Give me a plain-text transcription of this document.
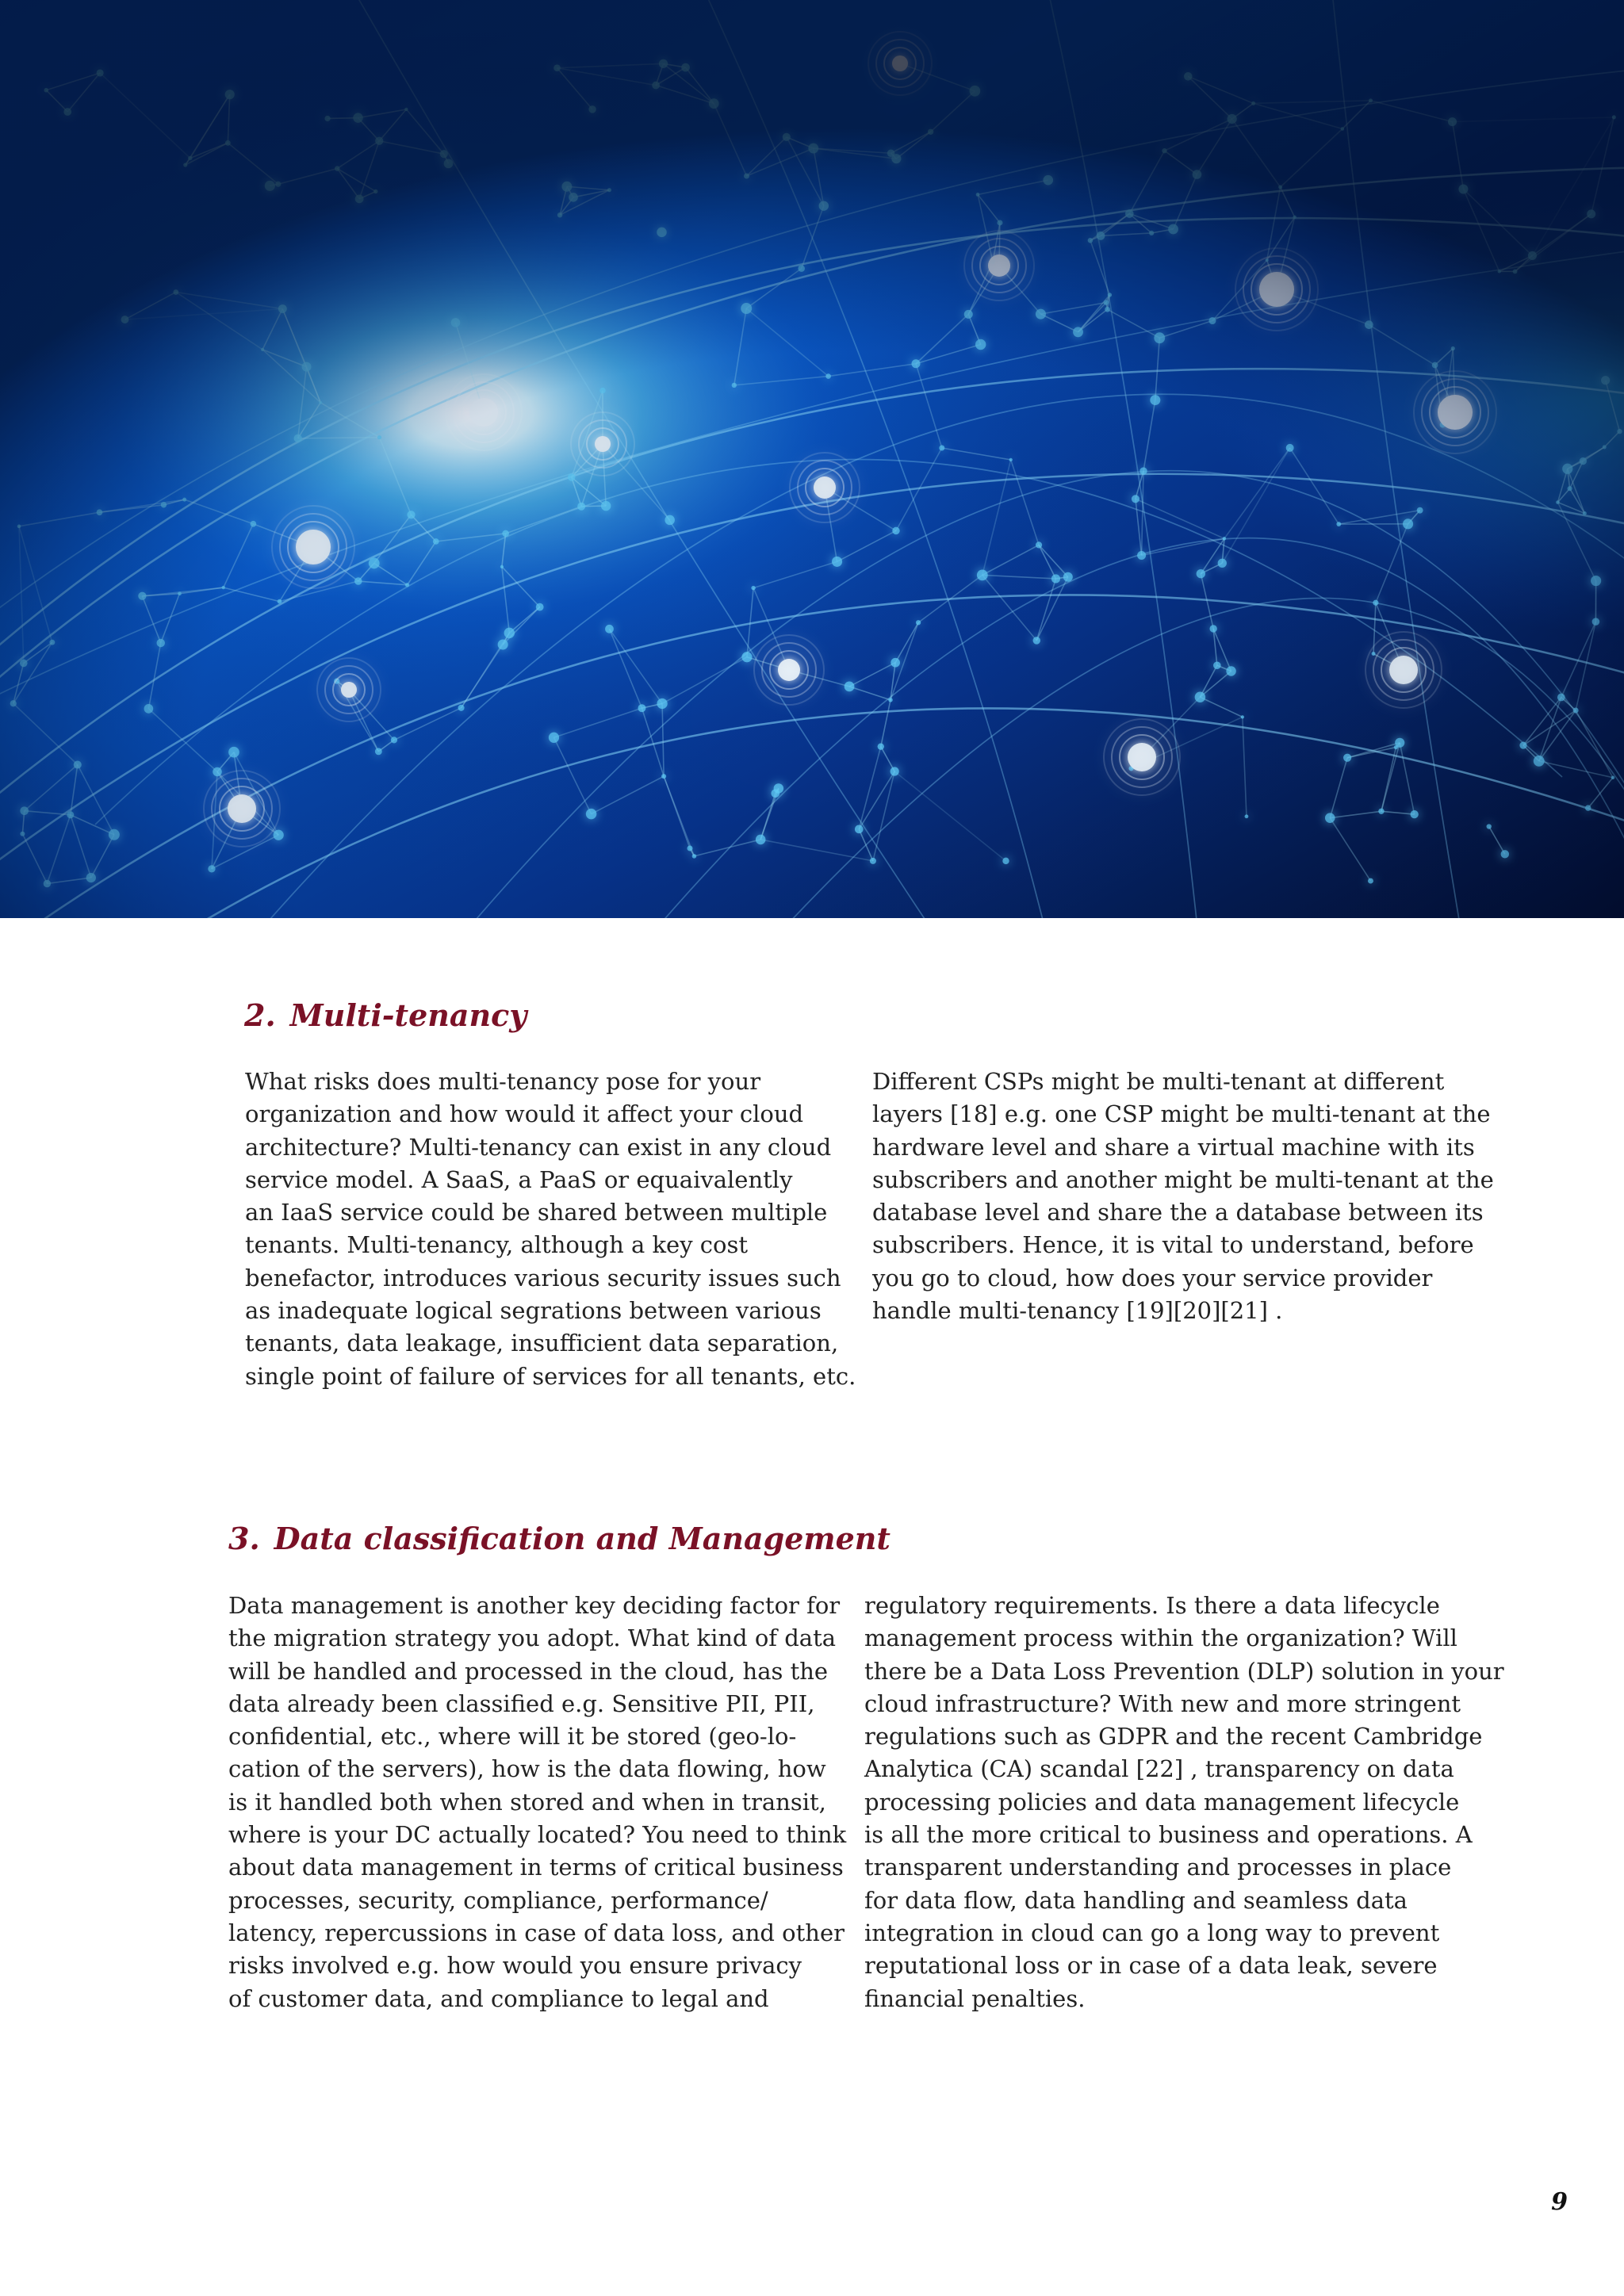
2. Multi-tenancy

What risks does multi-tenancy pose for your
organization and how would it affect your cloud
architecture? Multi-tenancy can exist in any cloud
service model. A SaaS, a PaaS or equaivalently
an IaaS service could be shared between multiple
tenants. Multi-tenancy, although a key cost
benefactor, introduces various security issues such
as inadequate logical segrations between various
tenants, data leakage, insufficient data separation,
single point of failure of services for all tenants, etc.

Different CSPs might be multi-tenant at different
layers [18] e.g. one CSP might be multi-tenant at the
hardware level and share a virtual machine with its
subscribers and another might be multi-tenant at the
database level and share the a database between its
subscribers. Hence, it is vital to understand, before
you go to cloud, how does your service provider
handle multi-tenancy [19][20][21] .

3. Data classification and Management

Data management is another key deciding factor for
the migration strategy you adopt. What kind of data
will be handled and processed in the cloud, has the
data already been classified e.g. Sensitive PII, PII,
confidential, etc., where will it be stored (geo-lo-
cation of the servers), how is the data flowing, how
is it handled both when stored and when in transit,
where is your DC actually located? You need to think
about data management in terms of critical business
processes, security, compliance, performance/
latency, repercussions in case of data loss, and other
risks involved e.g. how would you ensure privacy
of customer data, and compliance to legal and

regulatory requirements. Is there a data lifecycle
management process within the organization? Will
there be a Data Loss Prevention (DLP) solution in your
cloud infrastructure? With new and more stringent
regulations such as GDPR and the recent Cambridge
Analytica (CA) scandal [22] , transparency on data
processing policies and data management lifecycle
is all the more critical to business and operations. A
transparent understanding and processes in place
for data flow, data handling and seamless data
integration in cloud can go a long way to prevent
reputational loss or in case of a data leak, severe
financial penalties.

9
